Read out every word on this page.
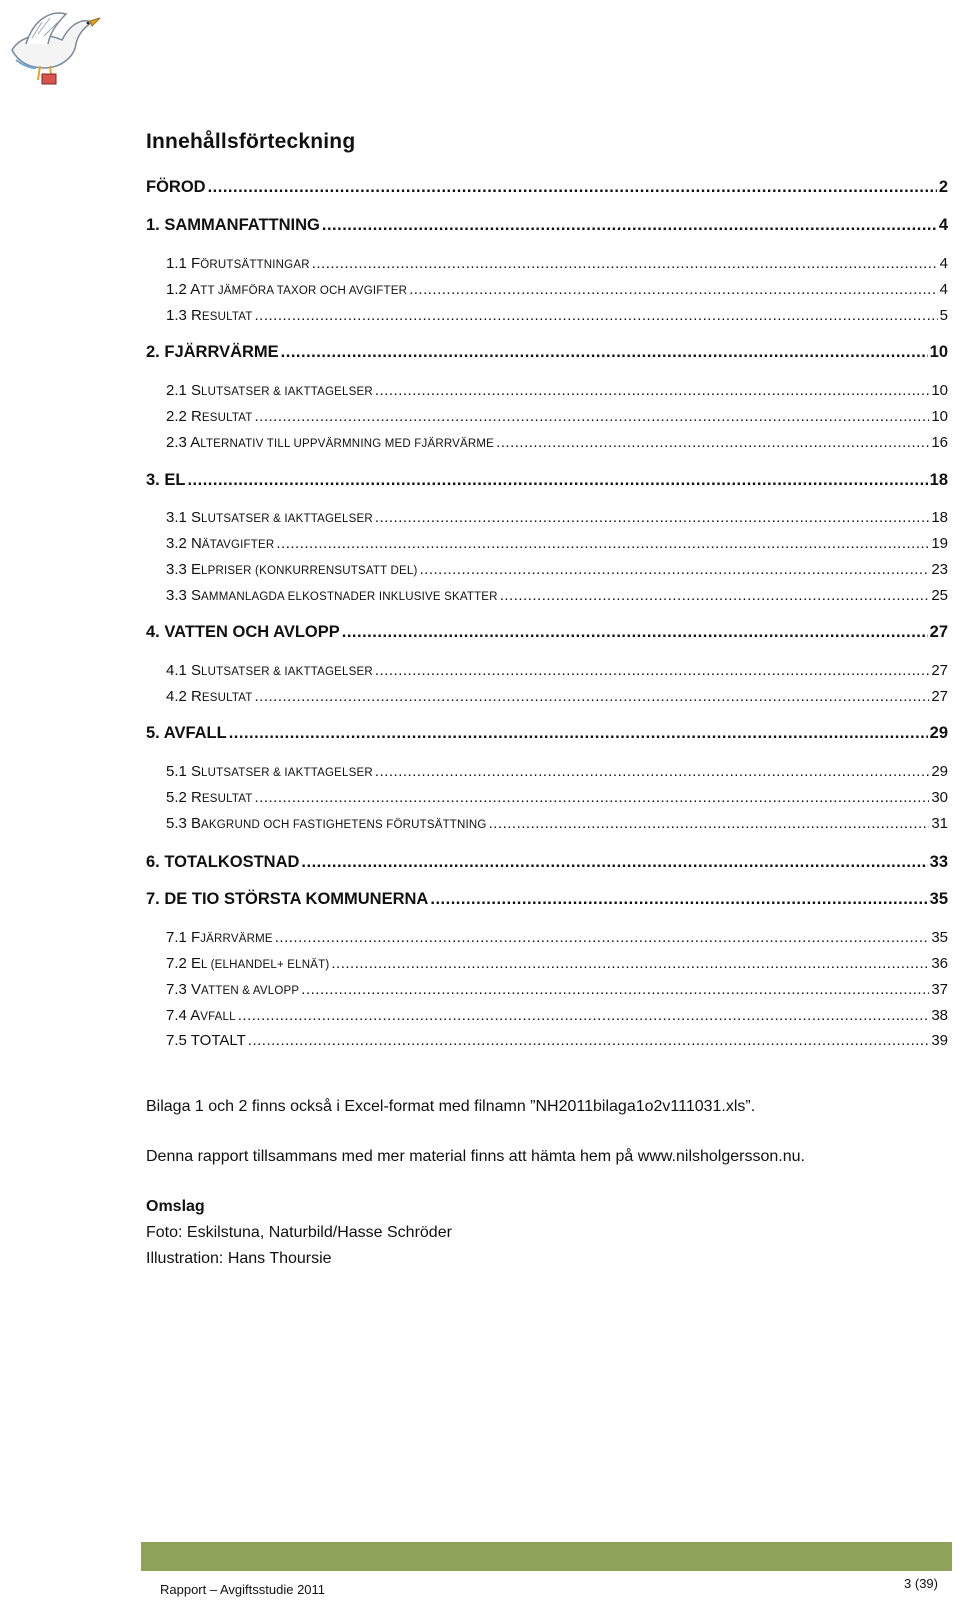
Innehållsförteckning
FÖROD .....	2
1. SAMMANFATTNING .....	4
1.1 FÖRUTSÄTTNINGAR .....	4
1.2 ATT JÄMFÖRA TAXOR OCH AVGIFTER .....	4
1.3 RESULTAT .....	5
2. FJÄRRVÄRME .....	10
2.1 SLUTSATSER & IAKTTAGELSER .....	10
2.2 RESULTAT .....	10
2.3 ALTERNATIV TILL UPPVÄRMNING MED FJÄRRVÄRME .....	16
3. EL .....	18
3.1 SLUTSATSER & IAKTTAGELSER .....	18
3.2 NÄTAVGIFTER .....	19
3.3 ELPRISER (KONKURRENSUTSATT DEL) .....	23
3.3 SAMMANLAGDA ELKOSTNADER INKLUSIVE SKATTER .....	25
4. VATTEN OCH AVLOPP .....	27
4.1 SLUTSATSER & IAKTTAGELSER .....	27
4.2 RESULTAT .....	27
5. AVFALL .....	29
5.1 SLUTSATSER & IAKTTAGELSER .....	29
5.2 RESULTAT .....	30
5.3 BAKGRUND OCH FASTIGHETENS FÖRUTSÄTTNING .....	31
6. TOTALKOSTNAD .....	33
7. DE TIO STÖRSTA KOMMUNERNA .....	35
7.1 FJÄRRVÄRME .....	35
7.2 EL (ELHANDEL+ ELNÄT) .....	36
7.3 VATTEN & AVLOPP .....	37
7.4 AVFALL .....	38
7.5 TOTALT .....	39
Bilaga 1 och 2 finns också i Excel-format med filnamn ”NH2011bilaga1o2v111031.xls”.
Denna rapport tillsammans med mer material finns att hämta hem på www.nilsholgersson.nu.
Omslag
Foto: Eskilstuna, Naturbild/Hasse Schröder
Illustration: Hans Thoursie
Rapport – Avgiftsstudie 2011	3 (39)
